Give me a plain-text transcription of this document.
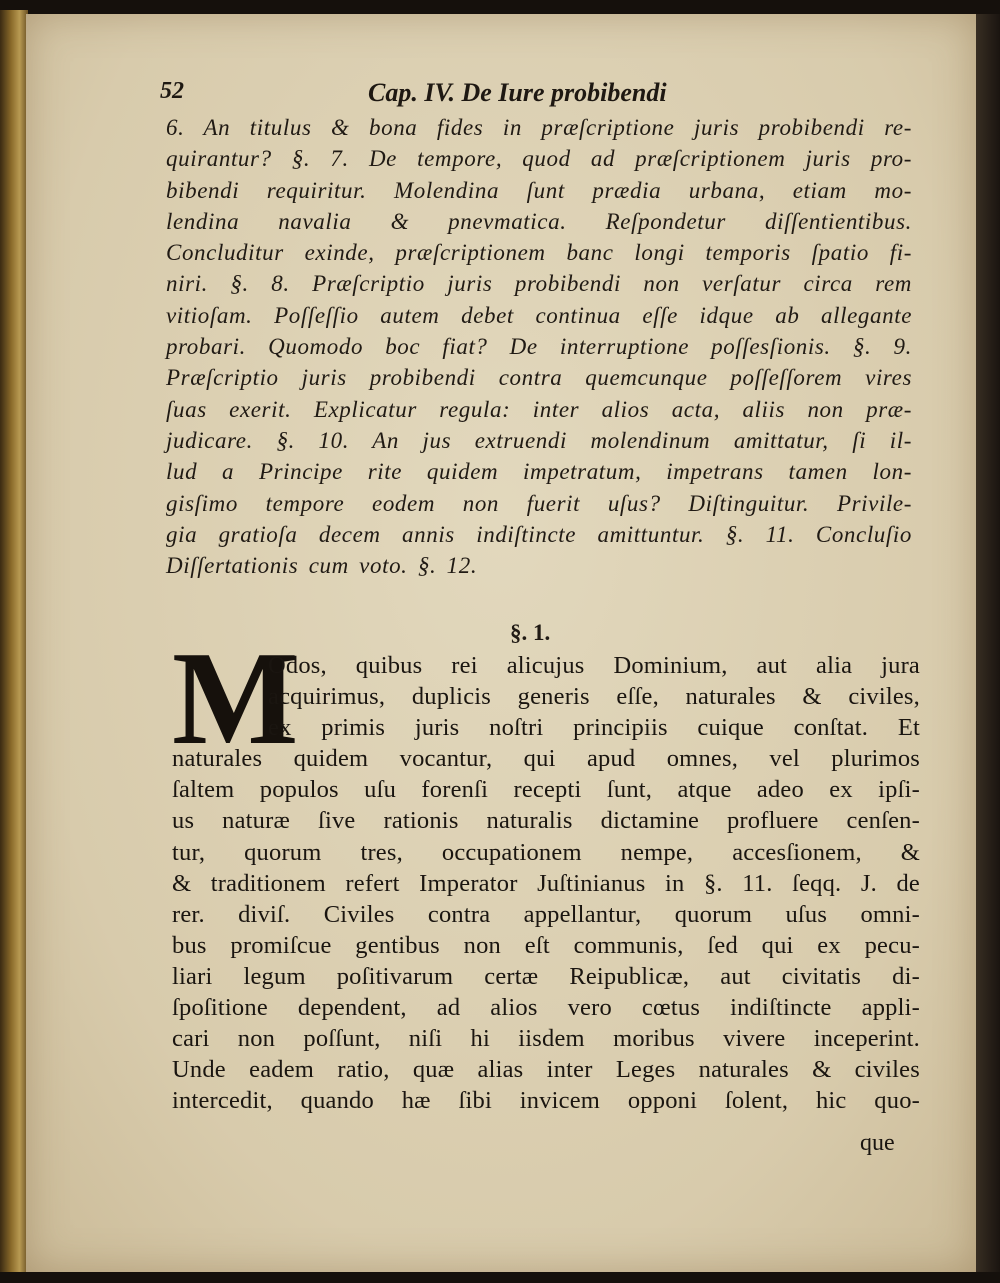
52	Cap. IV. De Iure probibendi
6. An titulus & bona fides in præſcriptione juris probibendi re-
quirantur? §. 7. De tempore, quod ad præſcriptionem juris pro-
bibendi requiritur. Molendina ſunt prædia urbana, etiam mo-
lendina navalia & pnevmatica. Reſpondetur diſſentientibus.
Concluditur exinde, præſcriptionem banc longi temporis ſpatio fi-
niri. §. 8. Præſcriptio juris probibendi non verſatur circa rem
vitioſam. Poſſeſſio autem debet continua eſſe idque ab allegante
probari. Quomodo boc fiat? De interruptione poſſesſionis. §. 9.
Præſcriptio juris probibendi contra quemcunque poſſeſſorem vires
ſuas exerit. Explicatur regula: inter alios acta, aliis non præ-
judicare. §. 10. An jus extruendi molendinum amittatur, ſi il-
lud a Principe rite quidem impetratum, impetrans tamen lon-
gisſimo tempore eodem non fuerit uſus? Diſtinguitur. Privile-
gia gratioſa decem annis indiſtincte amittuntur. §. 11. Concluſio
Diſſertationis cum voto. §. 12.
§. 1.
M
Odos, quibus rei alicujus Dominium, aut alia jura
acquirimus, duplicis generis eſſe, naturales & civiles,
ex primis juris noſtri principiis cuique conſtat. Et
naturales quidem vocantur, qui apud omnes, vel plurimos
ſaltem populos uſu forenſi recepti ſunt, atque adeo ex ipſi-
us naturæ ſive rationis naturalis dictamine profluere cenſen-
tur, quorum tres, occupationem nempe, accesſionem, &
& traditionem refert Imperator Juſtinianus in §. 11. ſeqq. J. de
rer. diviſ. Civiles contra appellantur, quorum uſus omni-
bus promiſcue gentibus non eſt communis, ſed qui ex pecu-
liari legum poſitivarum certæ Reipublicæ, aut civitatis di-
ſpoſitione dependent, ad alios vero cœtus indiſtincte appli-
cari non poſſunt, niſi hi iisdem moribus vivere inceperint.
Unde eadem ratio, quæ alias inter Leges naturales & civiles
intercedit, quando hæ ſibi invicem opponi ſolent, hic quo-
que
